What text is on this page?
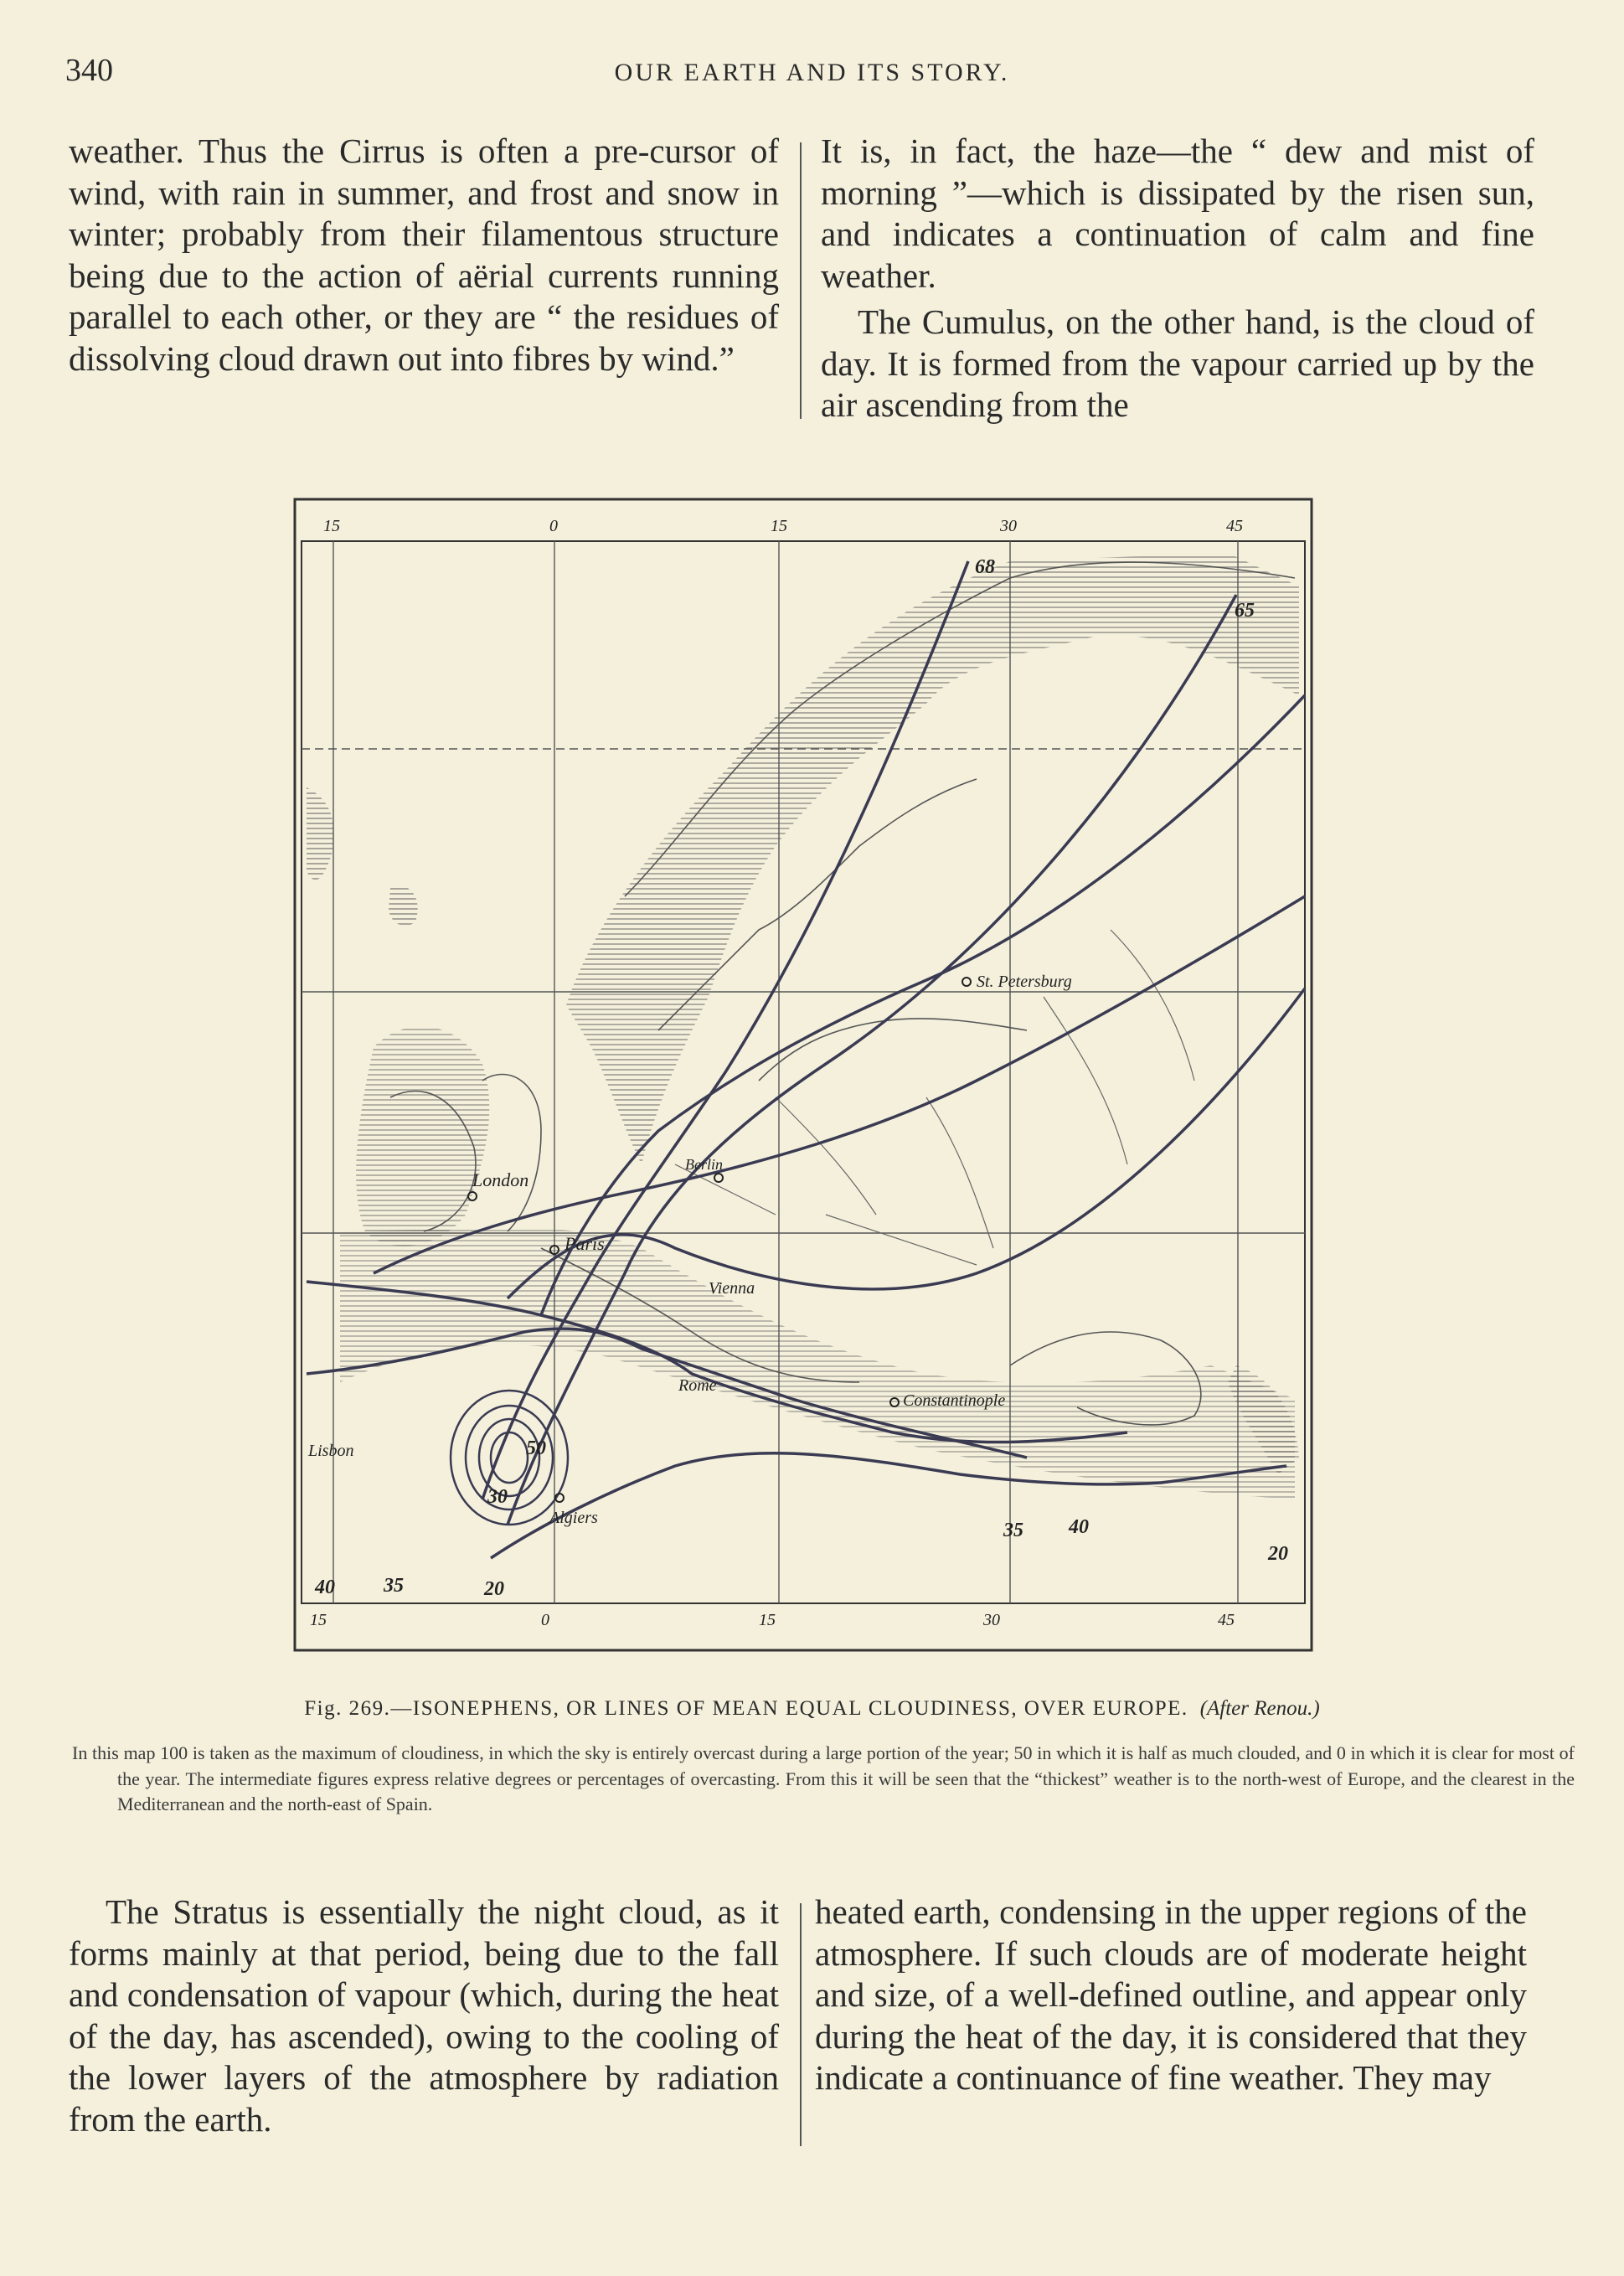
340	OUR EARTH AND ITS STORY.

weather. Thus the Cirrus is often a pre-cursor of wind, with rain in summer, and frost and snow in winter; probably from their filamentous structure being due to the action of aërial currents running parallel to each other, or they are “ the residues of dissolving cloud drawn out into fibres by wind.”

It is, in fact, the haze—the “ dew and mist of morning ”—which is dissipated by the risen sun, and indicates a continuation of calm and fine weather.

The Cumulus, on the other hand, is the cloud of day. It is formed from the vapour carried up by the air ascending from the

15	0	15	30	45
15	0	15	30	45
68
65
50
40
35
30
20
40 35	20
London
Paris
Berlin
Vienna
Rome
St. Petersburg
Constantinople
Lisbon
Algiers
Fig. 269.—ISONEPHENS, OR LINES OF MEAN EQUAL CLOUDINESS, OVER EUROPE. (After Renou.)
In this map 100 is taken as the maximum of cloudiness, in which the sky is entirely overcast during a large portion of the year; 50 in which it is half as much clouded, and 0 in which it is clear for most of the year. The intermediate figures express relative degrees or percentages of overcasting. From this it will be seen that the “thickest” weather is to the north-west of Europe, and the clearest in the Mediterranean and the north-east of Spain.

The Stratus is essentially the night cloud, as it forms mainly at that period, being due to the fall and condensation of vapour (which, during the heat of the day, has ascended), owing to the cooling of the lower layers of the atmosphere by radiation from the earth.

heated earth, condensing in the upper regions of the atmosphere. If such clouds are of moderate height and size, of a well-defined outline, and appear only during the heat of the day, it is considered that they indicate a continuance of fine weather. They may
